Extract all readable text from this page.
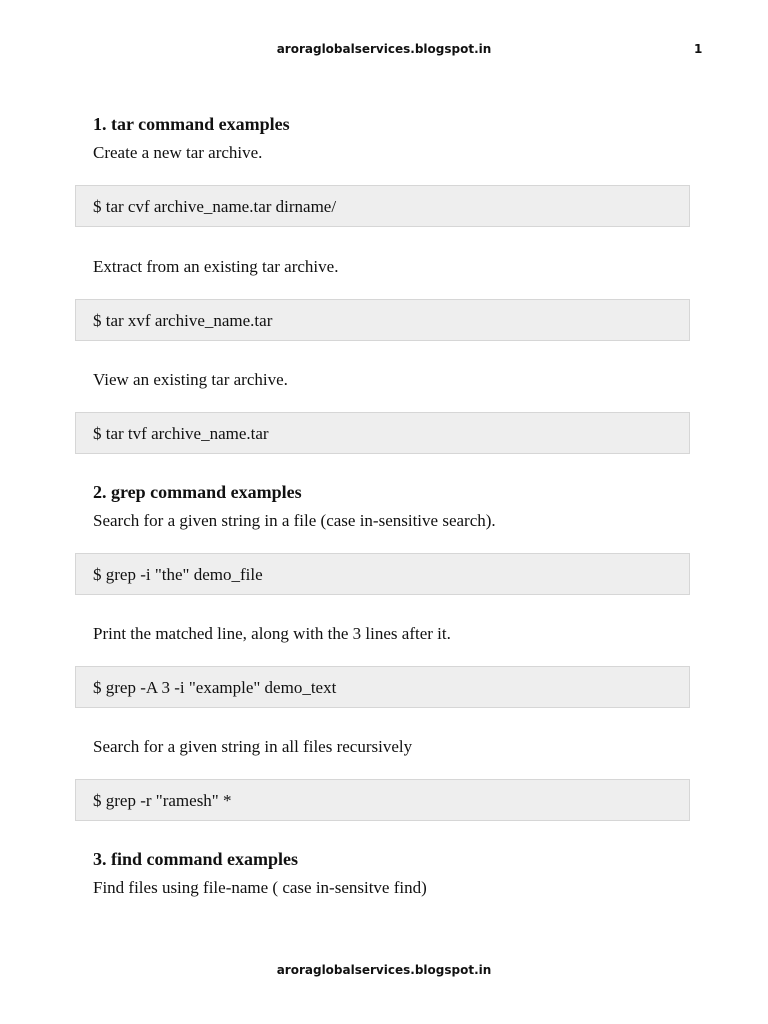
aroraglobalservices.blogspot.in	1
1. tar command examples
Create a new tar archive.
$ tar cvf archive_name.tar dirname/
Extract from an existing tar archive.
$ tar xvf archive_name.tar
View an existing tar archive.
$ tar tvf archive_name.tar
2. grep command examples
Search for a given string in a file (case in-sensitive search).
$ grep -i "the" demo_file
Print the matched line, along with the 3 lines after it.
$ grep -A 3 -i "example" demo_text
Search for a given string in all files recursively
$ grep -r "ramesh" *
3. find command examples
Find files using file-name ( case in-sensitve find)
aroraglobalservices.blogspot.in
